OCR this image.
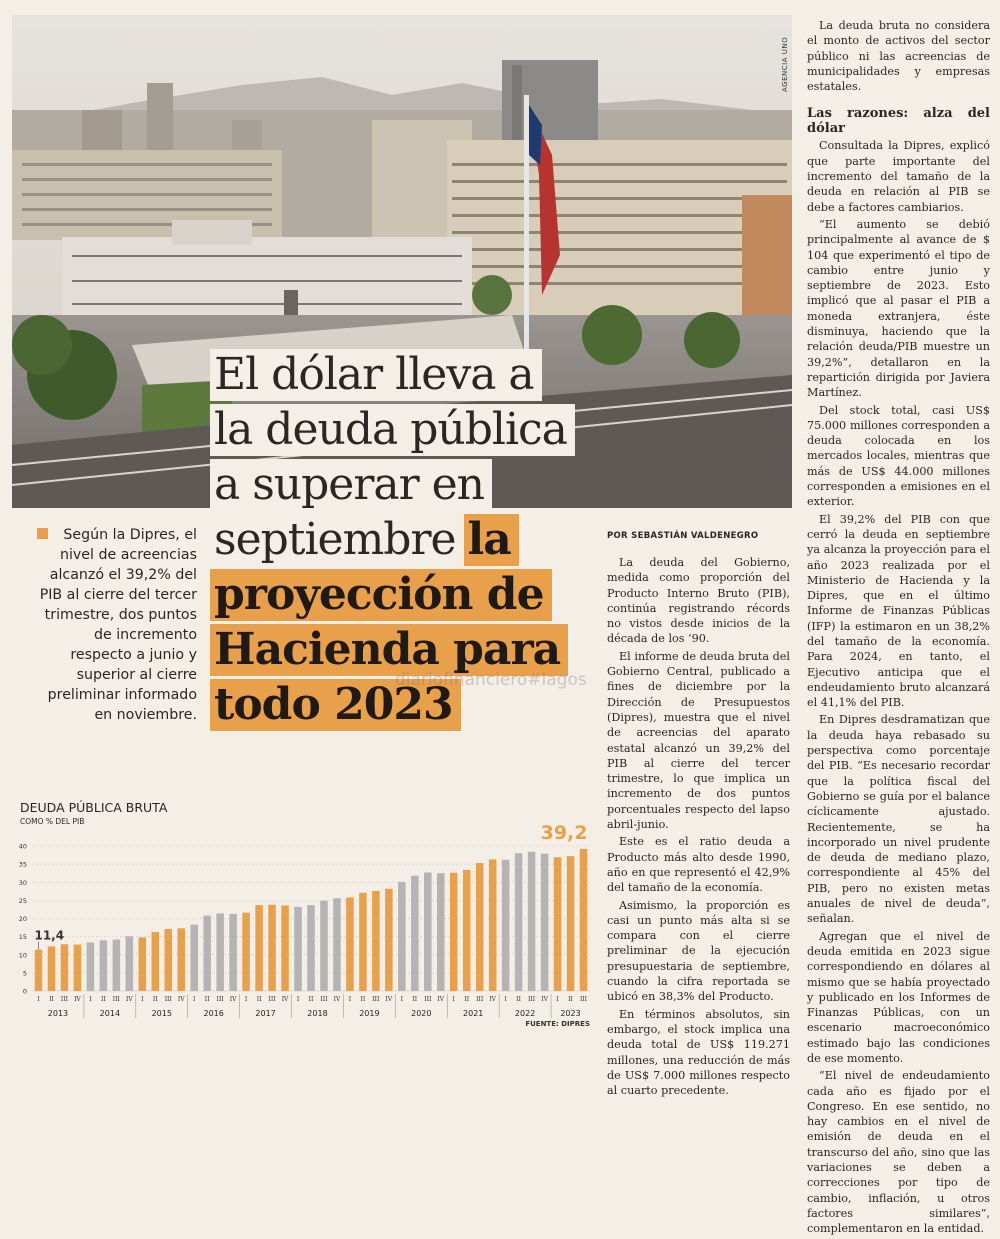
AGENCIA UNO
El dólar lleva a
la deuda pública
a superar en
septiembre la
proyección de
Hacienda para
todo 2023
Según la Dipres, el nivel de acreencias alcanzó el 39,2% del PIB al cierre del tercer trimestre, dos puntos de incremento respecto a junio y superior al cierre preliminar informado en noviembre.
POR SEBASTIÁN VALDENEGRO

La deuda del Gobierno, medida como proporción del Producto Interno Bruto (PIB), continúa registrando récords no vistos desde inicios de la década de los ‘90.

El informe de deuda bruta del Gobierno Central, publicado a fines de diciembre por la Dirección de Presupuestos (Dipres), muestra que el nivel de acreencias del aparato estatal alcanzó un 39,2% del PIB al cierre del tercer trimestre, lo que implica un incremento de dos puntos porcentuales respecto del lapso abril-junio.

Este es el ratio deuda a Producto más alto desde 1990, año en que representó el 42,9% del tamaño de la economía.

Asimismo, la proporción es casi un punto más alta si se compara con el cierre preliminar de la ejecución presupuestaria de septiembre, cuando la cifra reportada se ubicó en 38,3% del Producto.

En términos absolutos, sin embargo, el stock implica una deuda total de US$ 119.271 millones, una reducción de más de US$ 7.000 millones respecto al cuarto precedente.

La deuda bruta no considera el monto de activos del sector público ni las acreencias de municipalidades y empresas estatales.

Las razones: alza del dólar

Consultada la Dipres, explicó que parte importante del incremento del tamaño de la deuda en relación al PIB se debe a factores cambiarios.

“El aumento se debió principalmente al avance de $ 104 que experimentó el tipo de cambio entre junio y septiembre de 2023. Esto implicó que al pasar el PIB a moneda extranjera, éste disminuya, haciendo que la relación deuda/PIB muestre un 39,2%”, detallaron en la repartición dirigida por Javiera Martínez.

Del stock total, casi US$ 75.000 millones corresponden a deuda colocada en los mercados locales, mientras que más de US$ 44.000 millones corresponden a emisiones en el exterior.

El 39,2% del PIB con que cerró la deuda en septiembre ya alcanza la proyección para el año 2023 realizada por el Ministerio de Hacienda y la Dipres, que en el último Informe de Finanzas Públicas (IFP) la estimaron en un 38,2% del tamaño de la economía. Para 2024, en tanto, el Ejecutivo anticipa que el endeudamiento bruto alcanzará el 41,1% del PIB.

En Dipres desdramatizan que la deuda haya rebasado su perspectiva como porcentaje del PIB. “Es necesario recordar que la política fiscal del Gobierno se guía por el balance cíclicamente ajustado. Recientemente, se ha incorporado un nivel prudente de deuda de mediano plazo, correspondiente al 45% del PIB, pero no existen metas anuales de nivel de deuda”, señalan.

Agregan que el nivel de deuda emitida en 2023 sigue correspondiendo en dólares al mismo que se había proyectado y publicado en los Informes de Finanzas Públicas, con un escenario macroeconómico estimado bajo las condiciones de ese momento.

“El nivel de endeudamiento cada año es fijado por el Congreso. En ese sentido, no hay cambios en el nivel de emisión de deuda en el transcurso del año, sino que las variaciones se deben a correcciones por tipo de cambio, inflación, u otros factores similares”, complementaron en la entidad.

diariofinanciero#lagos
DEUDA PÚBLICA BRUTA
COMO % DEL PIB
0
5
10
15
20
25
30
35
40
I II III IV I II III IV I II III IV I II III IV I II III IV I II III IV I II III IV I II III IV I II III IV I II III IV I II III
2013	2014	2015	2016	2017	2018	2019	2020	2021	2022	2023
11,4
39,2
FUENTE: DIPRES
